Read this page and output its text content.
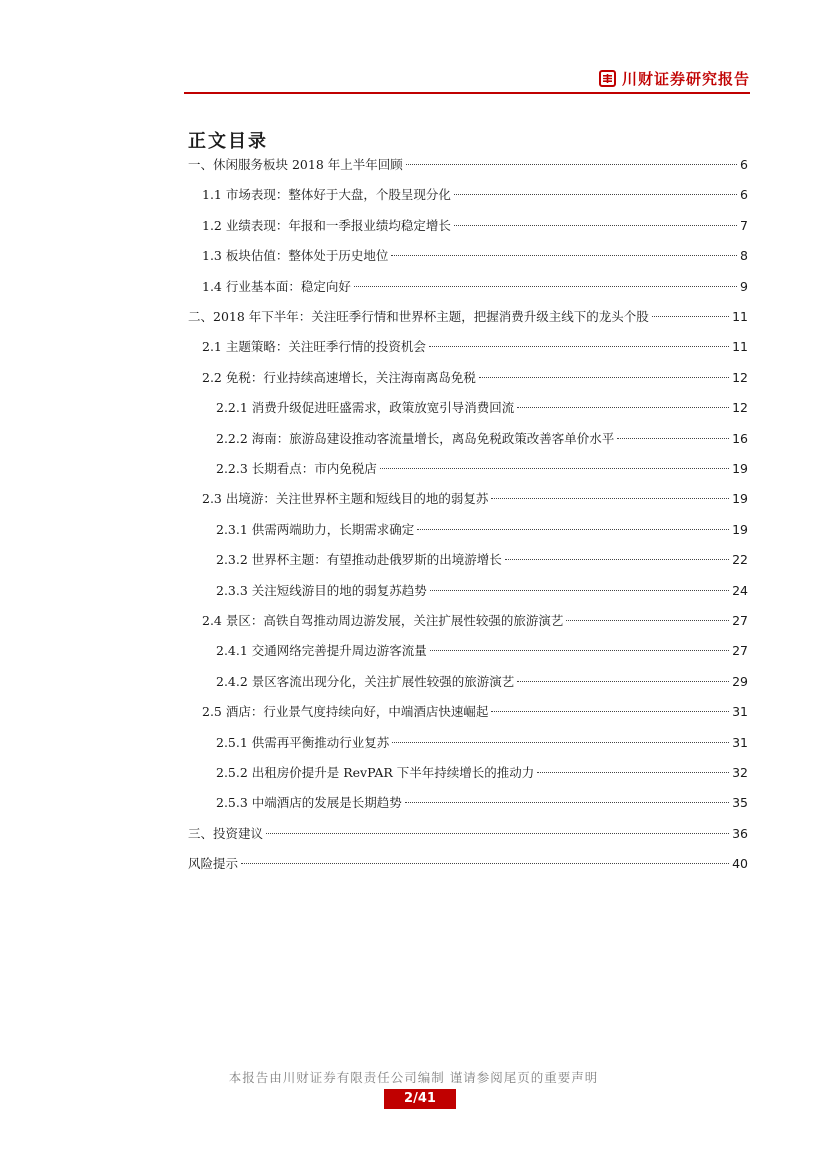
川财证券研究报告
正文目录
一、休闲服务板块 2018 年上半年回顾	6
1.1 市场表现：整体好于大盘，个股呈现分化	6
1.2 业绩表现：年报和一季报业绩均稳定增长	7
1.3 板块估值：整体处于历史地位	8
1.4 行业基本面：稳定向好	9
二、2018 年下半年：关注旺季行情和世界杯主题，把握消费升级主线下的龙头个股	11
2.1 主题策略：关注旺季行情的投资机会	11
2.2 免税：行业持续高速增长，关注海南离岛免税	12
2.2.1 消费升级促进旺盛需求，政策放宽引导消费回流	12
2.2.2 海南：旅游岛建设推动客流量增长，离岛免税政策改善客单价水平	16
2.2.3 长期看点：市内免税店	19
2.3 出境游：关注世界杯主题和短线目的地的弱复苏	19
2.3.1 供需两端助力，长期需求确定	19
2.3.2 世界杯主题：有望推动赴俄罗斯的出境游增长	22
2.3.3 关注短线游目的地的弱复苏趋势	24
2.4 景区：高铁自驾推动周边游发展，关注扩展性较强的旅游演艺	27
2.4.1 交通网络完善提升周边游客流量	27
2.4.2 景区客流出现分化，关注扩展性较强的旅游演艺	29
2.5 酒店：行业景气度持续向好，中端酒店快速崛起	31
2.5.1 供需再平衡推动行业复苏	31
2.5.2 出租房价提升是 RevPAR 下半年持续增长的推动力	32
2.5.3 中端酒店的发展是长期趋势	35
三、投资建议	36
风险提示	40
本报告由川财证券有限责任公司编制 谨请参阅尾页的重要声明
2/41
